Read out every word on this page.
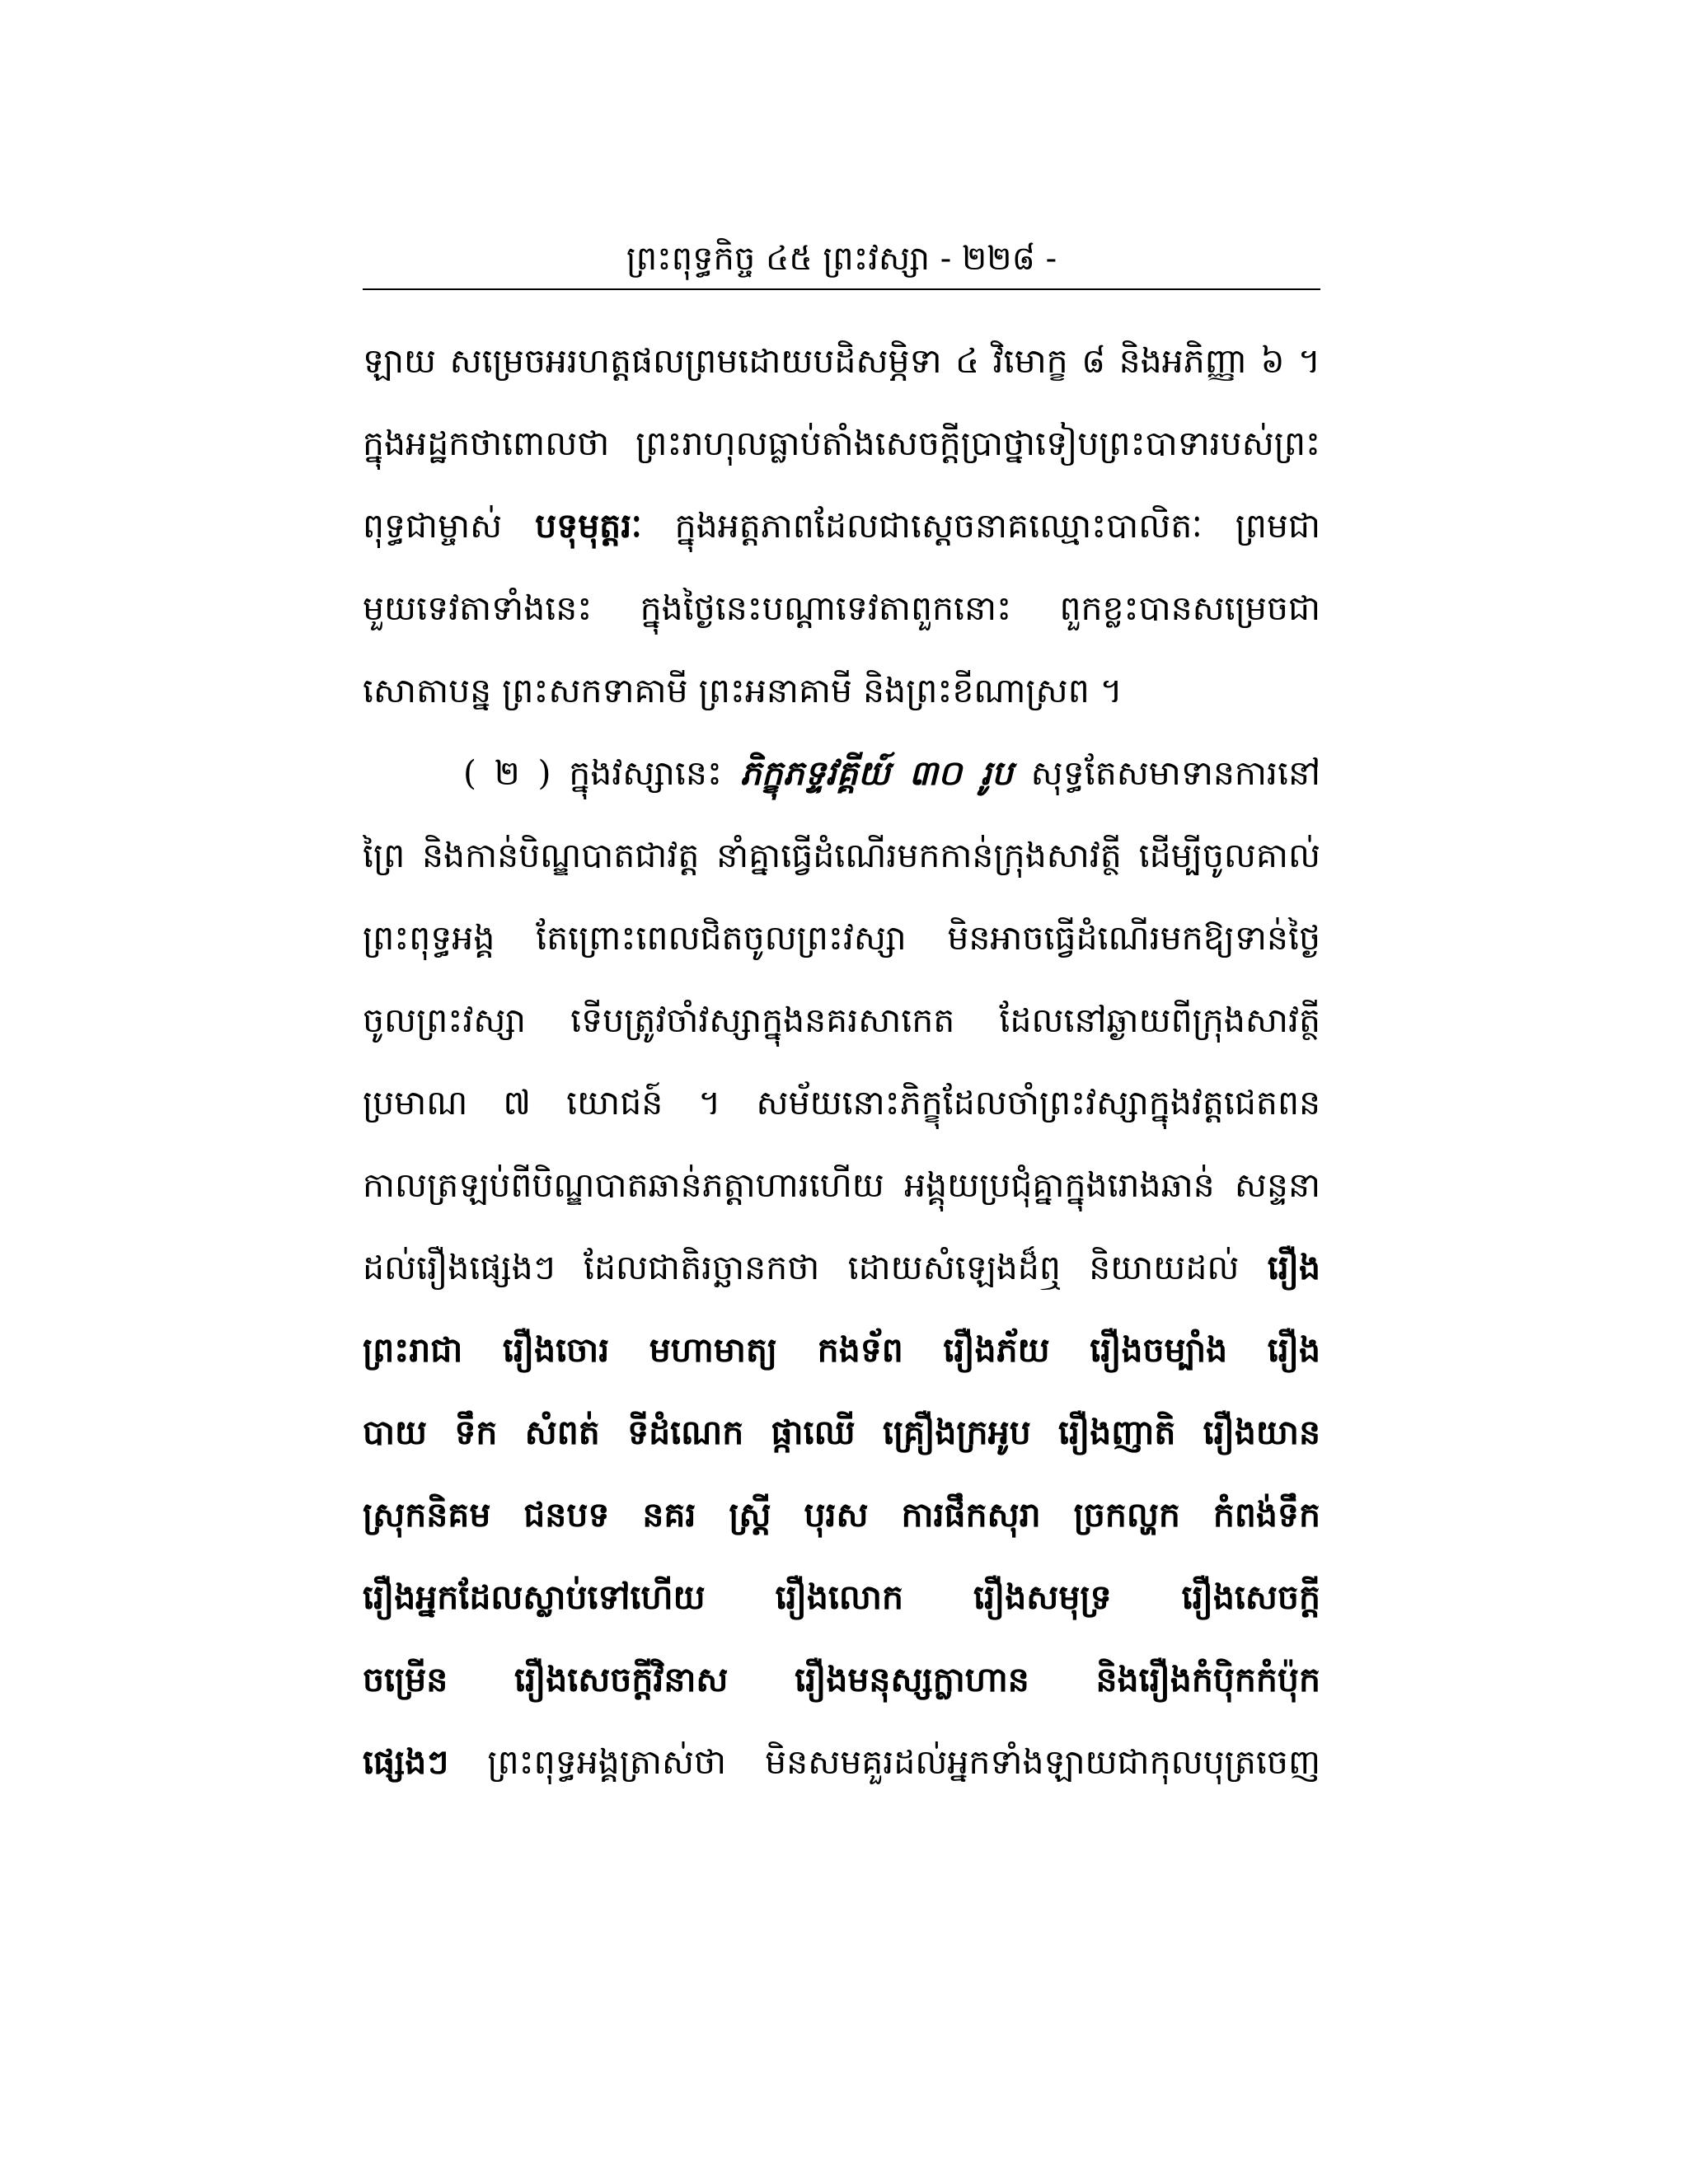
ព្រះពុទ្ធកិច្ច ៤៥ ព្រះវស្សា - ២២៨ -
ឡាយ សម្រេចអរហត្តផលព្រមដោយបដិសម្ភិទា ៤ វិមោក្ខ ៨ និងអភិញ្ញា ៦ ។
ក្នុងអដ្ឋកថាពោលថា ព្រះរាហុលធ្លាប់តាំងសេចក្ដីប្រាថ្នាទៀបព្រះបាទារបស់ព្រះ
ពុទ្ធជាម្ចាស់ បទុមុត្តរៈ ក្នុងអត្តភាពដែលជាស្ដេចនាគឈ្មោះបាលិតៈ ព្រមជា
មួយទេវតាទាំងនេះ ក្នុងថ្ងៃនេះបណ្ដាទេវតាពួកនោះ ពួកខ្លះបានសម្រេចជា
សោតាបន្ន ព្រះសកទាគាមី ព្រះអនាគាមី និងព្រះខីណាស្រព ។
( ២ ) ក្នុងវស្សានេះ ភិក្ខុភទ្ទវគ្គីយ៍ ៣០ រូប សុទ្ធតែសមាទានការនៅ
ព្រៃ និងកាន់បិណ្ឌបាតជាវត្ត នាំគ្នាធ្វើដំណើរមកកាន់ក្រុងសាវត្ថី ដើម្បីចូលគាល់
ព្រះពុទ្ធអង្គ តែព្រោះពេលជិតចូលព្រះវស្សា មិនអាចធ្វើដំណើរមកឱ្យទាន់ថ្ងៃ
ចូលព្រះវស្សា ទើបត្រូវចាំវស្សាក្នុងនគរសាកេត ដែលនៅឆ្ងាយពីក្រុងសាវត្ថី
ប្រមាណ ៧ យោជន៍ ។ សម័យនោះភិក្ខុដែលចាំព្រះវស្សាក្នុងវត្តជេតពន
កាលត្រឡប់ពីបិណ្ឌបាតឆាន់ភត្តាហារហើយ អង្គុយប្រជុំគ្នាក្នុងរោងឆាន់ សន្ទនា
ដល់រឿងផ្សេងៗ ដែលជាតិរច្ឆានកថា ដោយសំឡេងដ៏ឮ និយាយដល់ រឿង
ព្រះរាជា រឿងចោរ មហាមាត្យ កងទ័ព រឿងភ័យ រឿងចម្បាំង រឿង
បាយ ទឹក សំពត់ ទីដំណេក ផ្កាឈើ គ្រឿងក្រអូប រឿងញាតិ រឿងយាន
ស្រុកនិគម ជនបទ នគរ ស្ត្រី បុរស ការផឹកសុរា ច្រកល្ហក កំពង់ទឹក
រឿងអ្នកដែលស្លាប់ទៅហើយ រឿងលោក រឿងសមុទ្រ រឿងសេចក្ដី
ចម្រើន រឿងសេចក្ដីវិនាស រឿងមនុស្សក្លាហាន និងរឿងកំប៉ិកកំប៉ុក
ផ្សេងៗ ព្រះពុទ្ធអង្គត្រាស់ថា មិនសមគួរដល់អ្នកទាំងឡាយជាកុលបុត្រចេញ
